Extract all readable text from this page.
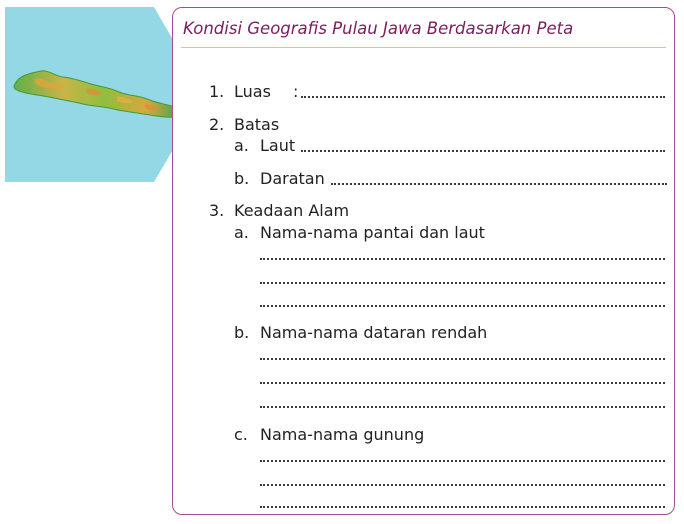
Kondisi Geografis Pulau Jawa Berdasarkan Peta
1. Luas :
2. Batas
a. Laut
b. Daratan
3. Keadaan Alam
a. Nama-nama pantai dan laut
b. Nama-nama dataran rendah
c. Nama-nama gunung
